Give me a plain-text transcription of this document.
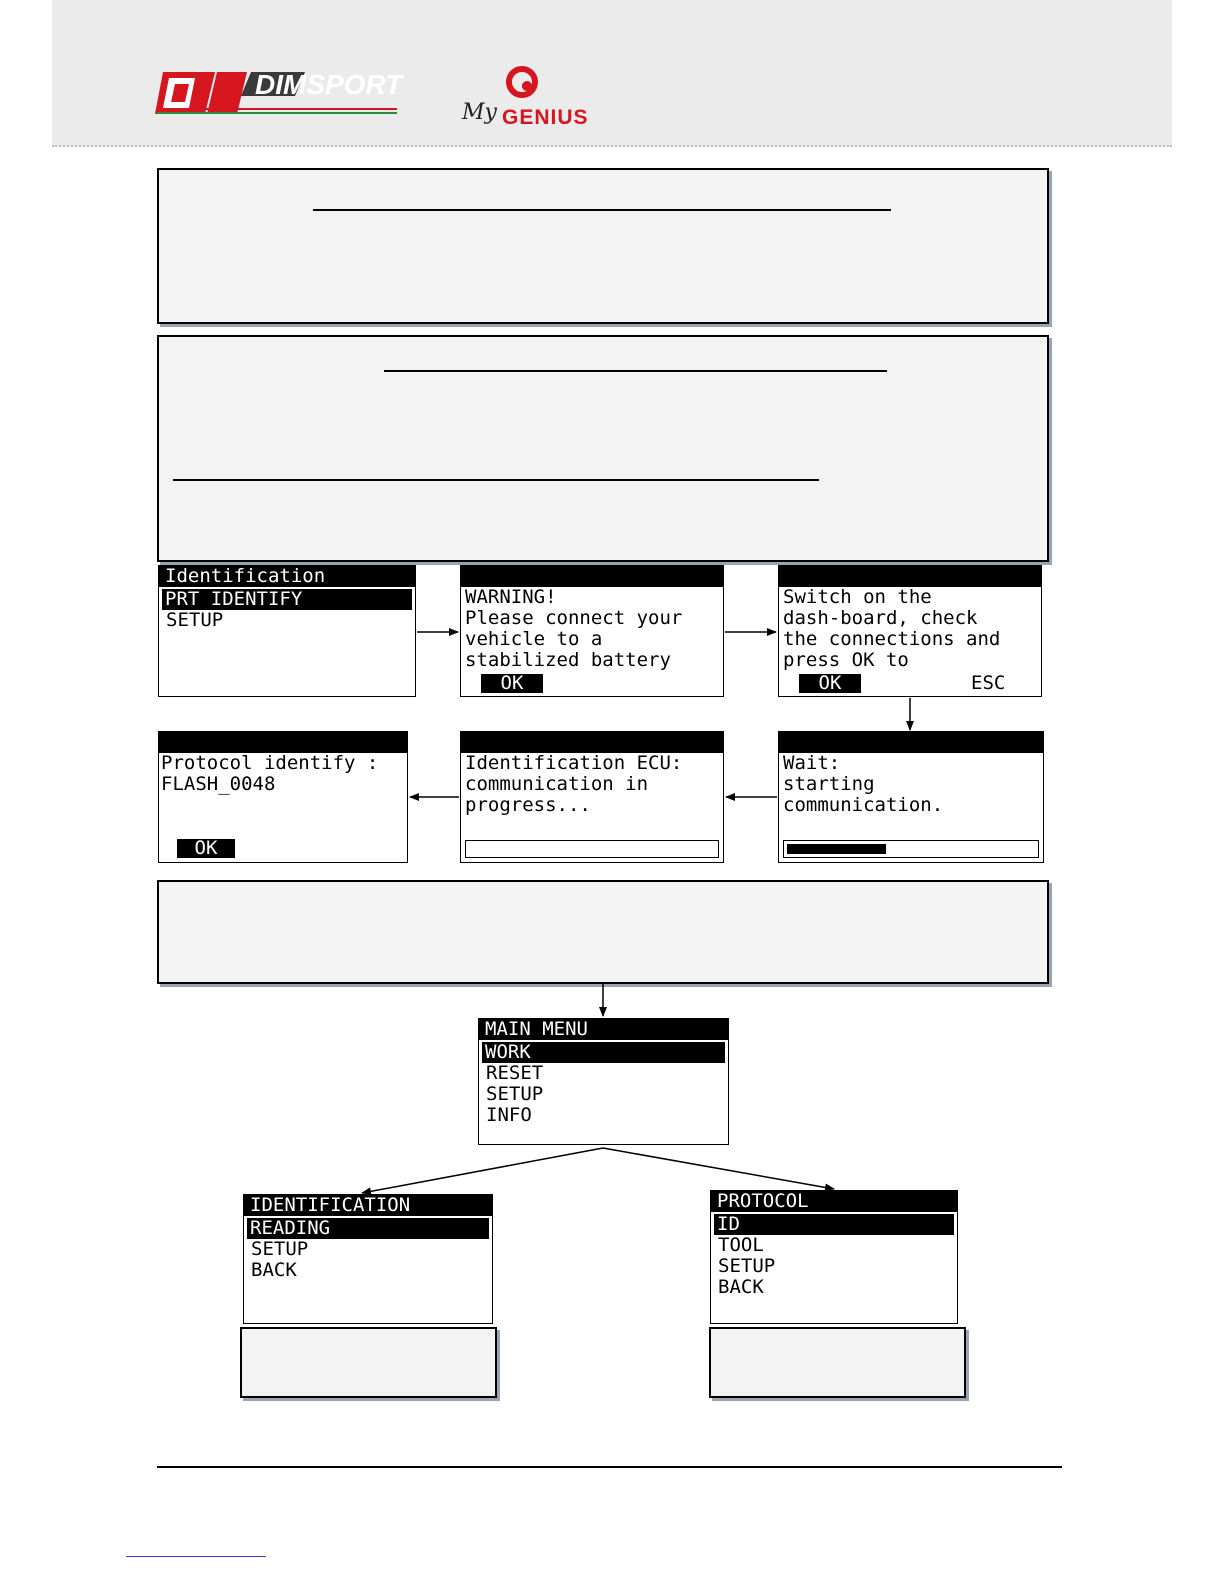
DIMSPORT
My GENIUS
Identification
PRT IDENTIFY
SETUP
WARNING!
Please connect your
vehicle to a
stabilized battery
OK
Switch on the
dash-board, check
the connections and
press OK to
OK	ESC
Protocol identify :
FLASH_0048
OK
Identification ECU:
communication in
progress...
Wait:
starting
communication.
MAIN MENU
WORK
RESET
SETUP
INFO
IDENTIFICATION
READING
SETUP
BACK
PROTOCOL
ID
TOOL
SETUP
BACK
